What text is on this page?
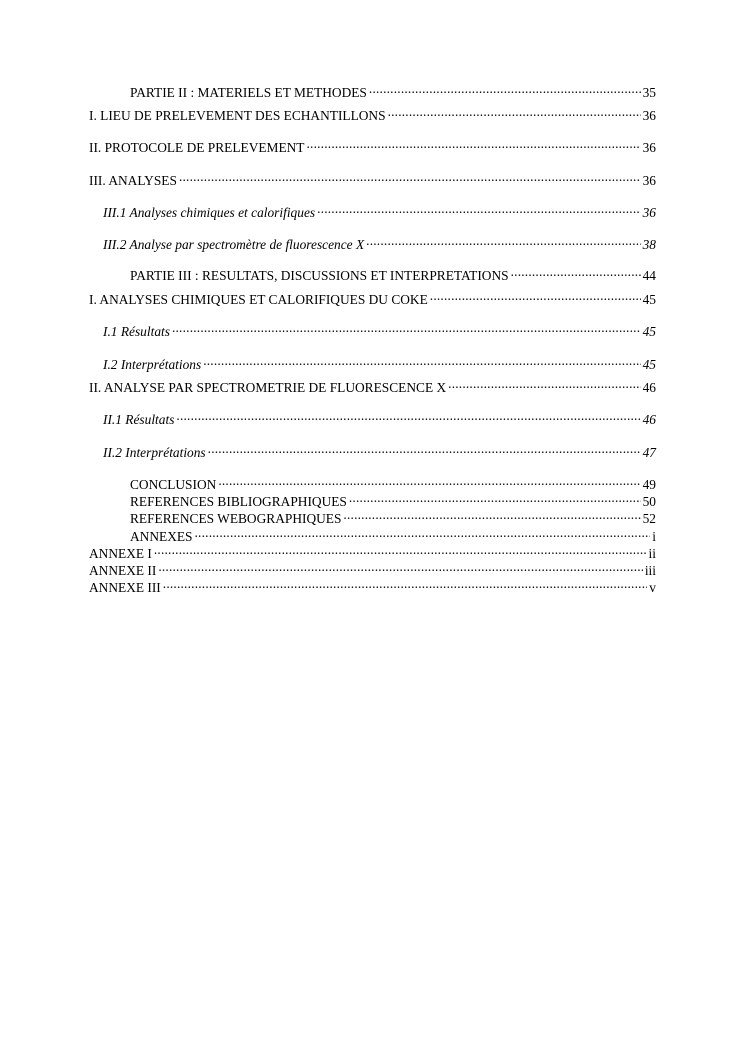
PARTIE II : MATERIELS ET METHODES .....	35
I. LIEU DE PRELEVEMENT DES ECHANTILLONS .....	36
II. PROTOCOLE DE PRELEVEMENT .....	36
III. ANALYSES .....	36
III.1 Analyses chimiques et calorifiques .....	36
III.2 Analyse par spectromètre de fluorescence X .....	38
PARTIE III : RESULTATS, DISCUSSIONS ET INTERPRETATIONS .....	44
I. ANALYSES CHIMIQUES ET CALORIFIQUES DU COKE .....	45
I.1 Résultats .....	45
I.2 Interprétations .....	45
II. ANALYSE PAR SPECTROMETRIE DE FLUORESCENCE X .....	46
II.1 Résultats .....	46
II.2 Interprétations .....	47
CONCLUSION .....	49
REFERENCES BIBLIOGRAPHIQUES .....	50
REFERENCES WEBOGRAPHIQUES .....	52
ANNEXES .....	i
ANNEXE I .....	ii
ANNEXE II .....	iii
ANNEXE III .....	v
